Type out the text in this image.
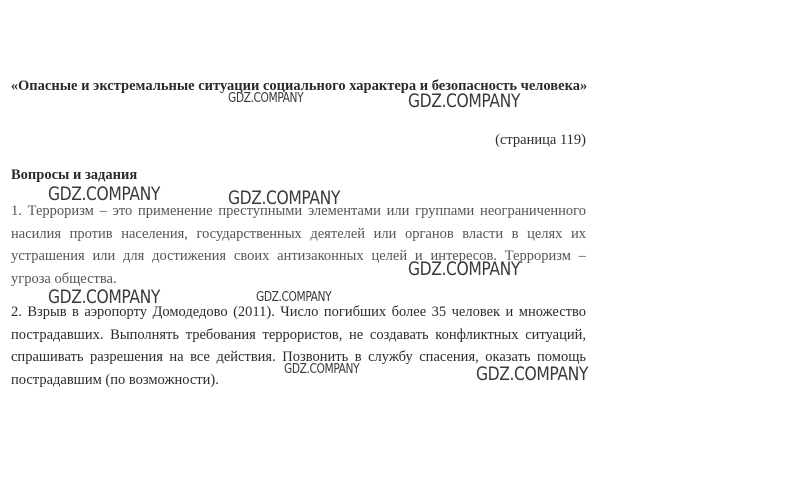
«Опасные и экстремальные ситуации социального характера и безопасность человека»
(страница 119)
Вопросы и задания

1. Терроризм – это применение преступными элементами или группами неограниченного насилия против населения, государственных деятелей или органов власти в целях их устрашения или для достижения своих антизаконных целей и интересов. Терроризм – угроза общества.

2. Взрыв в аэропорту Домодедово (2011). Число погибших более 35 человек и множество пострадавших. Выполнять требования террористов, не создавать конфликтных ситуаций, спрашивать разрешения на все действия. Позвонить в службу спасения, оказать помощь пострадавшим (по возможности).

GDZ.COMPANY	GDZ.COMPANY
GDZ.COMPANY	GDZ.COMPANY
GDZ.COMPANY
GDZ.COMPANY	GDZ.COMPANY
GDZ.COMPANY	GDZ.COMPANY
